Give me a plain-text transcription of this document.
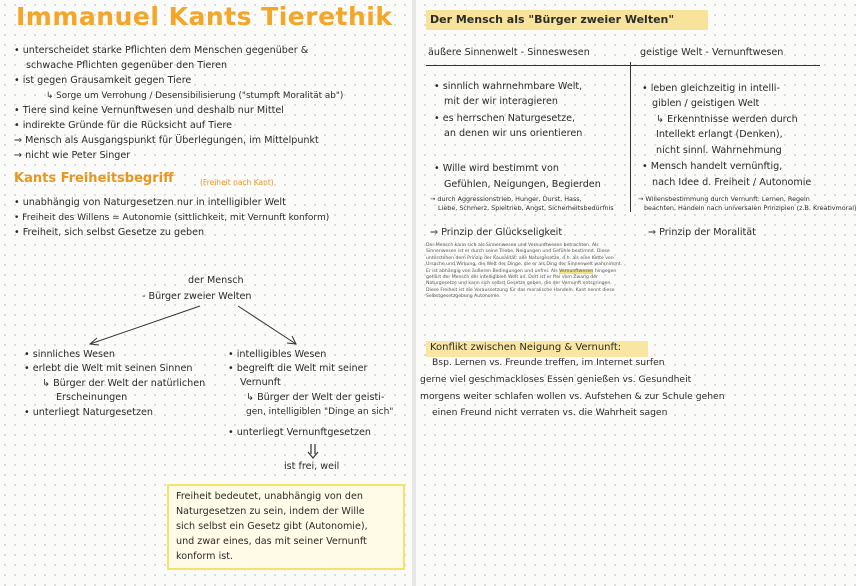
Immanuel Kants Tierethik
• unterscheidet starke Pflichten dem Menschen gegenüber &
schwache Pflichten gegenüber den Tieren
• ist gegen Grausamkeit gegen Tiere
↳ Sorge um Verrohung / Desensibilisierung ("stumpft Moralität ab")
• Tiere sind keine Vernunftwesen und deshalb nur Mittel
• indirekte Gründe für die Rücksicht auf Tiere
⇒ Mensch als Ausgangspunkt für Überlegungen, im Mittelpunkt
→ nicht wie Peter Singer
Kants Freiheitsbegriff	(Freiheit nach Kant)
• unabhängig von Naturgesetzen nur in intelligibler Welt
• Freiheit des Willens = Autonomie (sittlichkeit, mit Vernunft konform)
• Freiheit, sich selbst Gesetze zu geben
der Mensch
- Bürger zweier Welten
• sinnliches Wesen
• erlebt die Welt mit seinen Sinnen
↳ Bürger der Welt der natürlichen
Erscheinungen
• unterliegt Naturgesetzen
• intelligibles Wesen
• begreift die Welt mit seiner
Vernunft
↳ Bürger der Welt der geisti-
gen, intelligiblen "Dinge an sich"
• unterliegt Vernunftgesetzen
ist frei, weil
Freiheit bedeutet, unabhängig von den
Naturgesetzen zu sein, indem der Wille
sich selbst ein Gesetz gibt (Autonomie),
und zwar eines, das mit seiner Vernunft
konform ist.
Der Mensch als "Bürger zweier Welten"
äußere Sinnenwelt - Sinneswesen	geistige Welt - Vernunftwesen
• sinnlich wahrnehmbare Welt,
mit der wir interagieren
• es herrschen Naturgesetze,
an denen wir uns orientieren
• Wille wird bestimmt von
Gefühlen, Neigungen, Begierden
→ durch Aggressionstrieb, Hunger, Durst, Hass,
Liebe, Schmerz, Spieltrieb, Angst, Sicherheitsbedürfnis
• leben gleichzeitig in intelli-
giblen / geistigen Welt
↳ Erkenntnisse werden durch
Intellekt erlangt (Denken),
nicht sinnl. Wahrnehmung
• Mensch handelt vernünftig,
nach Idee d. Freiheit / Autonomie
→ Willensbestimmung durch Vernunft: Lernen, Regeln
beachten, Handeln nach universalen Prinzipien (z.B. Kreativmoral)
⇒ Prinzip der Glückseligkeit	⇒ Prinzip der Moralität
Der Mensch kann sich als Sinnenwesen und Vernunftwesen betrachten. Als Sinnenwesen ist er durch seine Triebe, Neigungen und Gefühle bestimmt. Diese unterstehen dem Prinzip der Kausalität: alle Naturgesetze, d.h. als eine Kette von Ursache und Wirkung, die Welt der Dinge, die er als Ding der Sinnenwelt wahrnimmt. Er ist abhängig von äußeren Bedingungen und unfrei. Als Vernunftwesen hingegen gehört der Mensch der intelligiblen Welt an. Dort ist er frei vom Zwang der Naturgesetze und kann sich selbst Gesetze geben, die der Vernunft entspringen. Diese Freiheit ist die Voraussetzung für das moralische Handeln. Kant nennt diese Selbstgesetzgebung Autonomie.
Konflikt zwischen Neigung & Vernunft:
Bsp. Lernen vs. Freunde treffen, im Internet surfen
gerne viel geschmackloses Essen genießen vs. Gesundheit
morgens weiter schlafen wollen vs. Aufstehen & zur Schule gehen
einen Freund nicht verraten vs. die Wahrheit sagen
